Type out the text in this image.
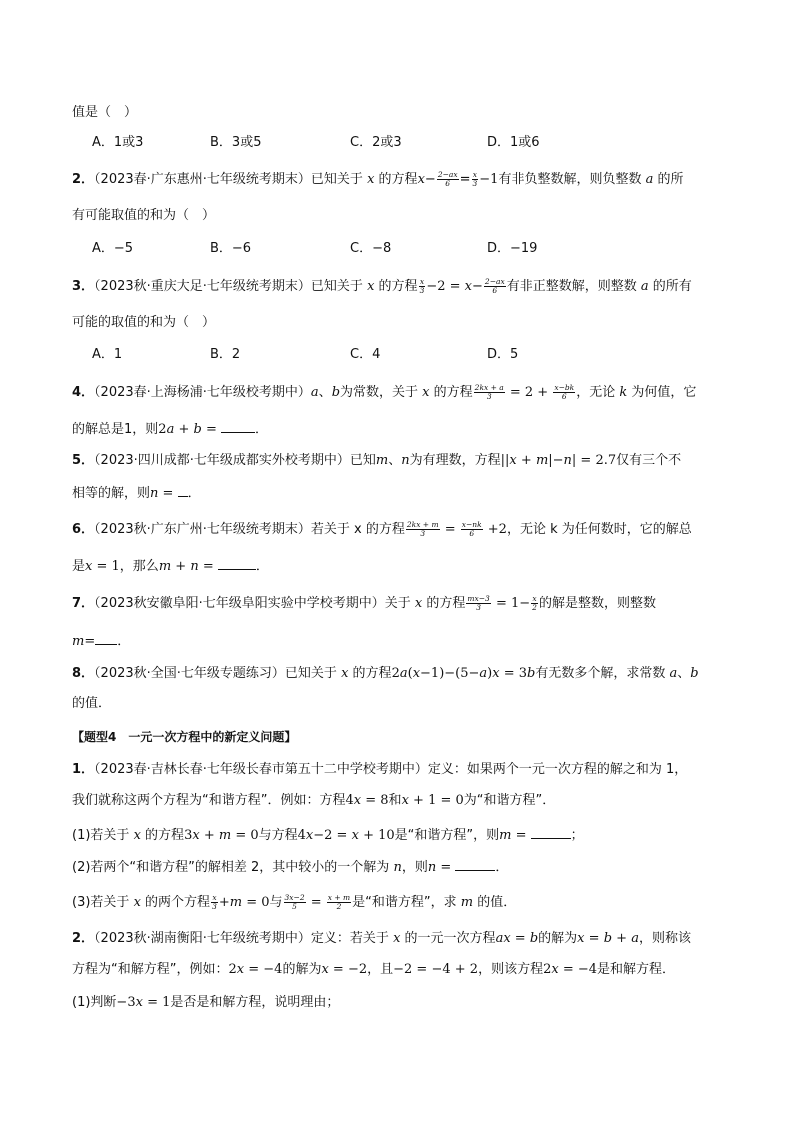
值是（　）
A．1或3	B．3或5	C．2或3	D．1或6
2．（2023春·广东惠州·七年级统考期末）已知关于 x 的方程$x- \frac{2-ax}{6} = \frac{x}{3} -1$有非负整数解，则负整数 a 的所
有可能取值的和为（　）
A．−5	B．−6	C．−8	D．−19
3．（2023秋·重庆大足·七年级统考期末）已知关于 x 的方程 $\frac{x}{3} -2 = x- \frac{2-ax}{6}$ 有非正整数解，则整数 a 的所有
可能的取值的和为（　）
A．1	B．2	C．4	D．5
4．（2023春·上海杨浦·七年级校考期中）a、b为常数，关于 x 的方程 $\frac{2kx + a}{3} = 2 + \frac{x-bk}{6}$ ，无论 k 为何值，它
的解总是1，则2a + b =	．
5．（2023·四川成都·七年级成都实外校考期中）已知m、n为有理数，方程||x + m|−n| = 2.7仅有三个不
相等的解，则n = ．
6．（2023秋·广东广州·七年级统考期末）若关于 x 的方程 $\frac{2kx + m}{3} = \frac{x-nk}{6} +2$，无论 k 为任何数时，它的解总
是x = 1，那么m + n =	．
7．（2023秋安徽阜阳·七年级阜阳实验中学校考期中）关于 x 的方程 $\frac{mx-3}{3} = 1- \frac{x}{2}$ 的解是整数，则整数
m= ．
8．（2023秋·全国·七年级专题练习）已知关于 x 的方程2a(x−1)−(5−a)x = 3b有无数多个解，求常数 a、b
的值．
【题型4　一元一次方程中的新定义问题】
1．（2023春·吉林长春·七年级长春市第五十二中学校考期中）定义：如果两个一元一次方程的解之和为 1，
我们就称这两个方程为“和谐方程”．例如：方程4x = 8和x + 1 = 0为“和谐方程”．
(1)若关于 x 的方程3x + m = 0与方程4x−2 = x + 10是“和谐方程”，则m =	；
(2)若两个“和谐方程”的解相差 2，其中较小的一个解为 n，则n =	．
(3)若关于 x 的两个方程 $\frac{x}{3} +m = 0$与 $\frac{3x-2}{5} = \frac{x + m}{2}$ 是“和谐方程”，求 m 的值．
2．（2023秋·湖南衡阳·七年级统考期中）定义：若关于 x 的一元一次方程ax = b的解为x = b + a，则称该
方程为“和解方程”，例如：2x = −4的解为x = −2，且−2 = −4 + 2，则该方程2x = −4是和解方程．
(1)判断−3x = 1是否是和解方程，说明理由；
